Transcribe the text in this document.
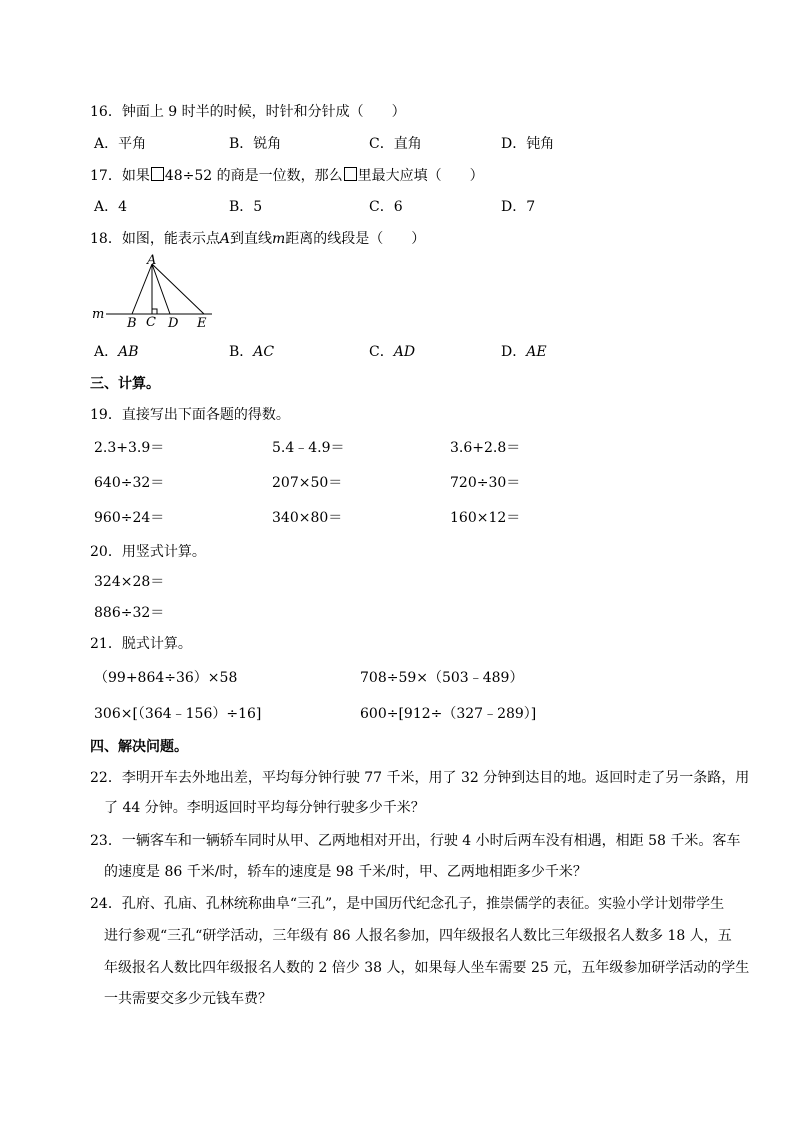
16．钟面上 9 时半的时候，时针和分针成（　　）
A．平角	B．锐角	C．直角	D．钝角
17．如果 48÷52 的商是一位数，那么 里最大应填（　　）
A．4	B．5	C．6	D．7
18．如图，能表示点A到直线m距离的线段是（　　）
A
m
B C D E
A．AB	B．AC	C．AD	D．AE
三、计算。
19．直接写出下面各题的得数。
2.3+3.9＝	5.4﹣4.9＝	3.6+2.8＝
640÷32＝	207×50＝	720÷30＝
960÷24＝	340×80＝	160×12＝
20．用竖式计算。
324×28＝
886÷32＝
21．脱式计算。
（99+864÷36）×58	708÷59×（503﹣489）
306×[（364﹣156）÷16]	600÷[912÷（327﹣289）]
四、解决问题。
22．李明开车去外地出差，平均每分钟行驶 77 千米，用了 32 分钟到达目的地。返回时走了另一条路，用
了 44 分钟。李明返回时平均每分钟行驶多少千米？
23．一辆客车和一辆轿车同时从甲、乙两地相对开出，行驶 4 小时后两车没有相遇，相距 58 千米。客车
的速度是 86 千米/时，轿车的速度是 98 千米/时，甲、乙两地相距多少千米？
24．孔府、孔庙、孔林统称曲阜“三孔”，是中国历代纪念孔子，推崇儒学的表征。实验小学计划带学生
进行参观“三孔“研学活动，三年级有 86 人报名参加，四年级报名人数比三年级报名人数多 18 人，五
年级报名人数比四年级报名人数的 2 倍少 38 人，如果每人坐车需要 25 元，五年级参加研学活动的学生
一共需要交多少元钱车费？
